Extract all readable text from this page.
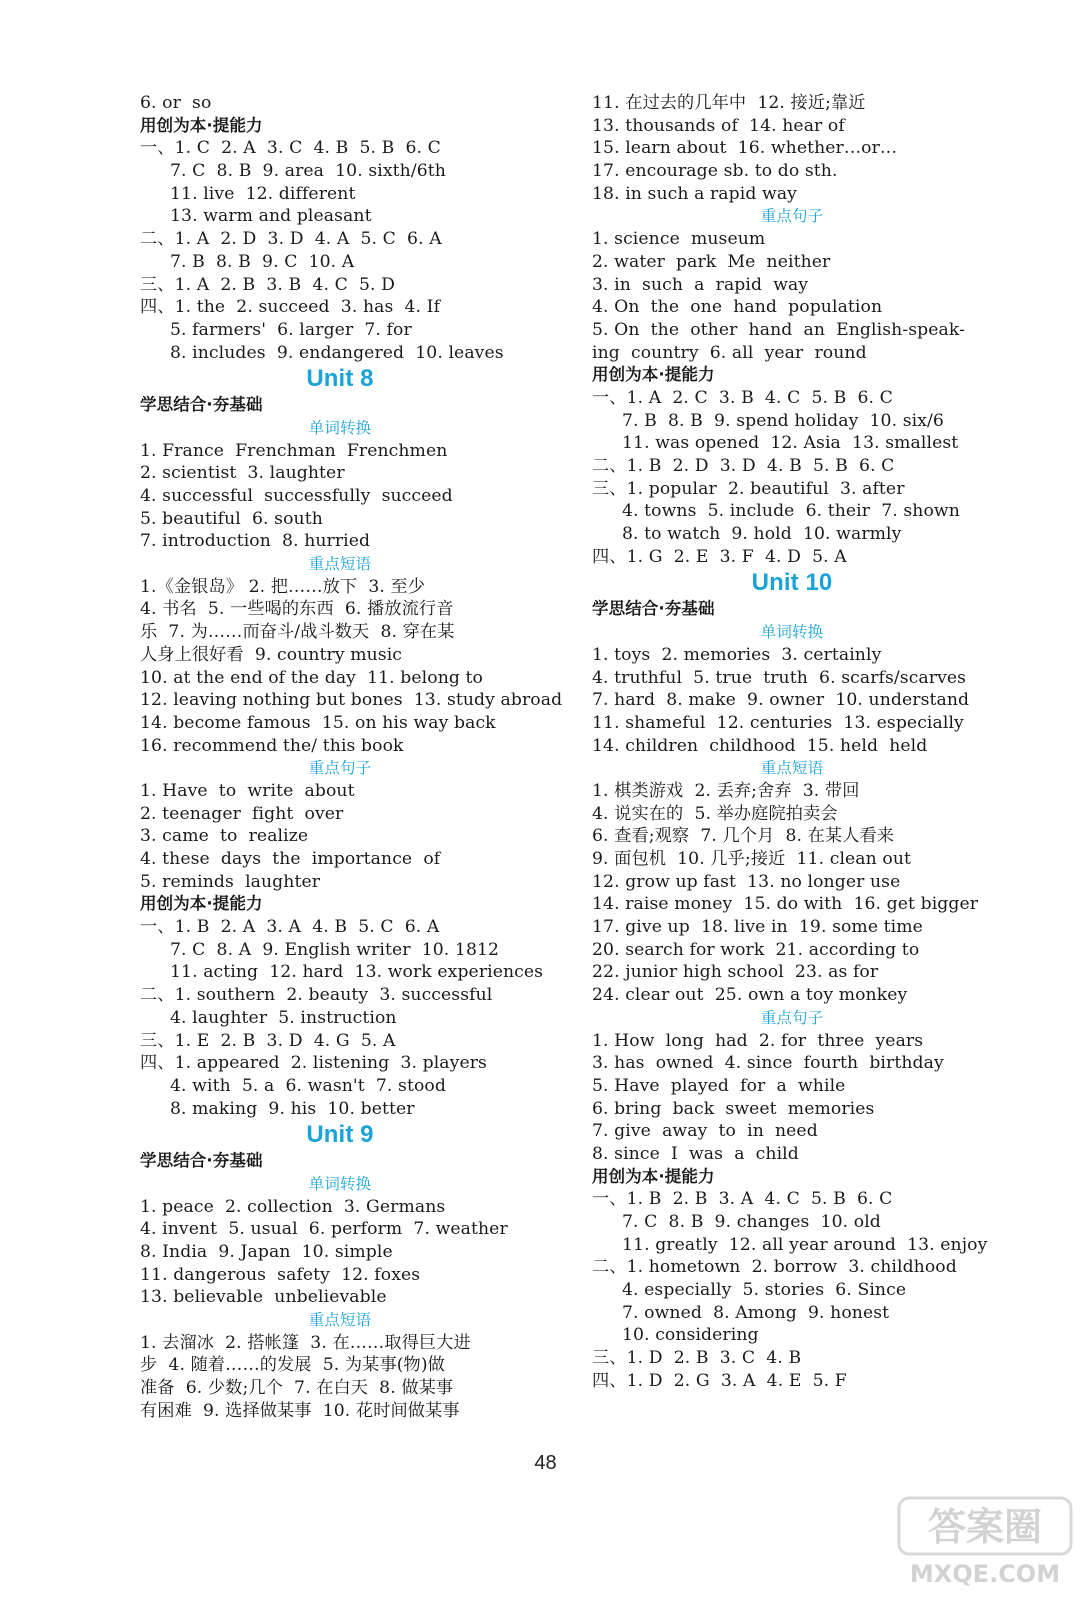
6. or  so
用创为本·提能力
一、1. C  2. A  3. C  4. B  5. B  6. C
7. C  8. B  9. area  10. sixth/6th
11. live  12. different
13. warm and pleasant
二、1. A  2. D  3. D  4. A  5. C  6. A
7. B  8. B  9. C  10. A
三、1. A  2. B  3. B  4. C  5. D
四、1. the  2. succeed  3. has  4. If
5. farmers'  6. larger  7. for
8. includes  9. endangered  10. leaves
Unit 8
学思结合·夯基础
单词转换
1. France  Frenchman  Frenchmen
2. scientist  3. laughter
4. successful  successfully  succeed
5. beautiful  6. south
7. introduction  8. hurried
重点短语
1.《金银岛》 2. 把……放下  3. 至少
4. 书名  5. 一些喝的东西  6. 播放流行音
乐  7. 为……而奋斗/战斗数天  8. 穿在某
人身上很好看  9. country music
10. at the end of the day  11. belong to
12. leaving nothing but bones  13. study abroad
14. become famous  15. on his way back
16. recommend the/ this book
重点句子
1. Have  to  write  about
2. teenager  fight  over
3. came  to  realize
4. these  days  the  importance  of
5. reminds  laughter
用创为本·提能力
一、1. B  2. A  3. A  4. B  5. C  6. A
7. C  8. A  9. English writer  10. 1812
11. acting  12. hard  13. work experiences
二、1. southern  2. beauty  3. successful
4. laughter  5. instruction
三、1. E  2. B  3. D  4. G  5. A
四、1. appeared  2. listening  3. players
4. with  5. a  6. wasn't  7. stood
8. making  9. his  10. better
Unit 9
学思结合·夯基础
单词转换
1. peace  2. collection  3. Germans
4. invent  5. usual  6. perform  7. weather
8. India  9. Japan  10. simple
11. dangerous  safety  12. foxes
13. believable  unbelievable
重点短语
1. 去溜冰  2. 搭帐篷  3. 在……取得巨大进
步  4. 随着……的发展  5. 为某事(物)做
准备  6. 少数;几个  7. 在白天  8. 做某事
有困难  9. 选择做某事  10. 花时间做某事
11. 在过去的几年中  12. 接近;靠近
13. thousands of  14. hear of
15. learn about  16. whether…or…
17. encourage sb. to do sth.
18. in such a rapid way
重点句子
1. science  museum
2. water  park  Me  neither
3. in  such  a  rapid  way
4. On  the  one  hand  population
5. On  the  other  hand  an  English-speak-
ing  country  6. all  year  round
用创为本·提能力
一、1. A  2. C  3. B  4. C  5. B  6. C
7. B  8. B  9. spend holiday  10. six/6
11. was opened  12. Asia  13. smallest
二、1. B  2. D  3. D  4. B  5. B  6. C
三、1. popular  2. beautiful  3. after
4. towns  5. include  6. their  7. shown
8. to watch  9. hold  10. warmly
四、1. G  2. E  3. F  4. D  5. A
Unit 10
学思结合·夯基础
单词转换
1. toys  2. memories  3. certainly
4. truthful  5. true  truth  6. scarfs/scarves
7. hard  8. make  9. owner  10. understand
11. shameful  12. centuries  13. especially
14. children  childhood  15. held  held
重点短语
1. 棋类游戏  2. 丢弃;舍弃  3. 带回
4. 说实在的  5. 举办庭院拍卖会
6. 查看;观察  7. 几个月  8. 在某人看来
9. 面包机  10. 几乎;接近  11. clean out
12. grow up fast  13. no longer use
14. raise money  15. do with  16. get bigger
17. give up  18. live in  19. some time
20. search for work  21. according to
22. junior high school  23. as for
24. clear out  25. own a toy monkey
重点句子
1. How  long  had  2. for  three  years
3. has  owned  4. since  fourth  birthday
5. Have  played  for  a  while
6. bring  back  sweet  memories
7. give  away  to  in  need
8. since  I  was  a  child
用创为本·提能力
一、1. B  2. B  3. A  4. C  5. B  6. C
7. C  8. B  9. changes  10. old
11. greatly  12. all year around  13. enjoy
二、1. hometown  2. borrow  3. childhood
4. especially  5. stories  6. Since
7. owned  8. Among  9. honest
10. considering
三、1. D  2. B  3. C  4. B
四、1. D  2. G  3. A  4. E  5. F
48
答案圈
MXQE.COM
